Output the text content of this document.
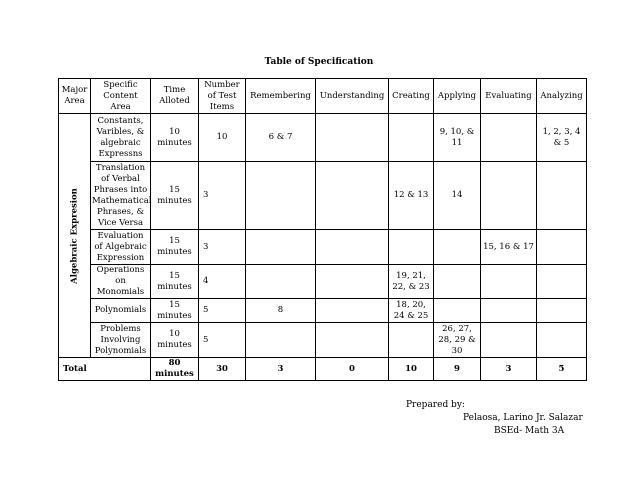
Table of Specification
Major Area	Specific Content Area	Time Alloted	Number of Test Items	Remembering	Understanding	Creating	Applying	Evaluating	Analyzing

Algebraic Expresion	Constants, Varibles, & algebraic Expressns	10 minutes	10	6 & 7			9, 10, & 11		1, 2, 3, 4 & 5
	Translation of Verbal Phrases into Mathematical Phrases, & Vice Versa	15 minutes	3			12 & 13	14		
	Evaluation of Algebraic Expression	15 minutes	3					15, 16 & 17	
	Operations on Monomials	15 minutes	4			19, 21, 22, & 23			
	Polynomials	15 minutes	5	8		18, 20, 24 & 25			
	Problems Involving Polynomials	10 minutes	5				26, 27, 28, 29 & 30		
Total		80 minutes	30	3	0	10	9	3	5
Prepared by:
Pelaosa, Larino Jr. Salazar
BSEd- Math 3A
